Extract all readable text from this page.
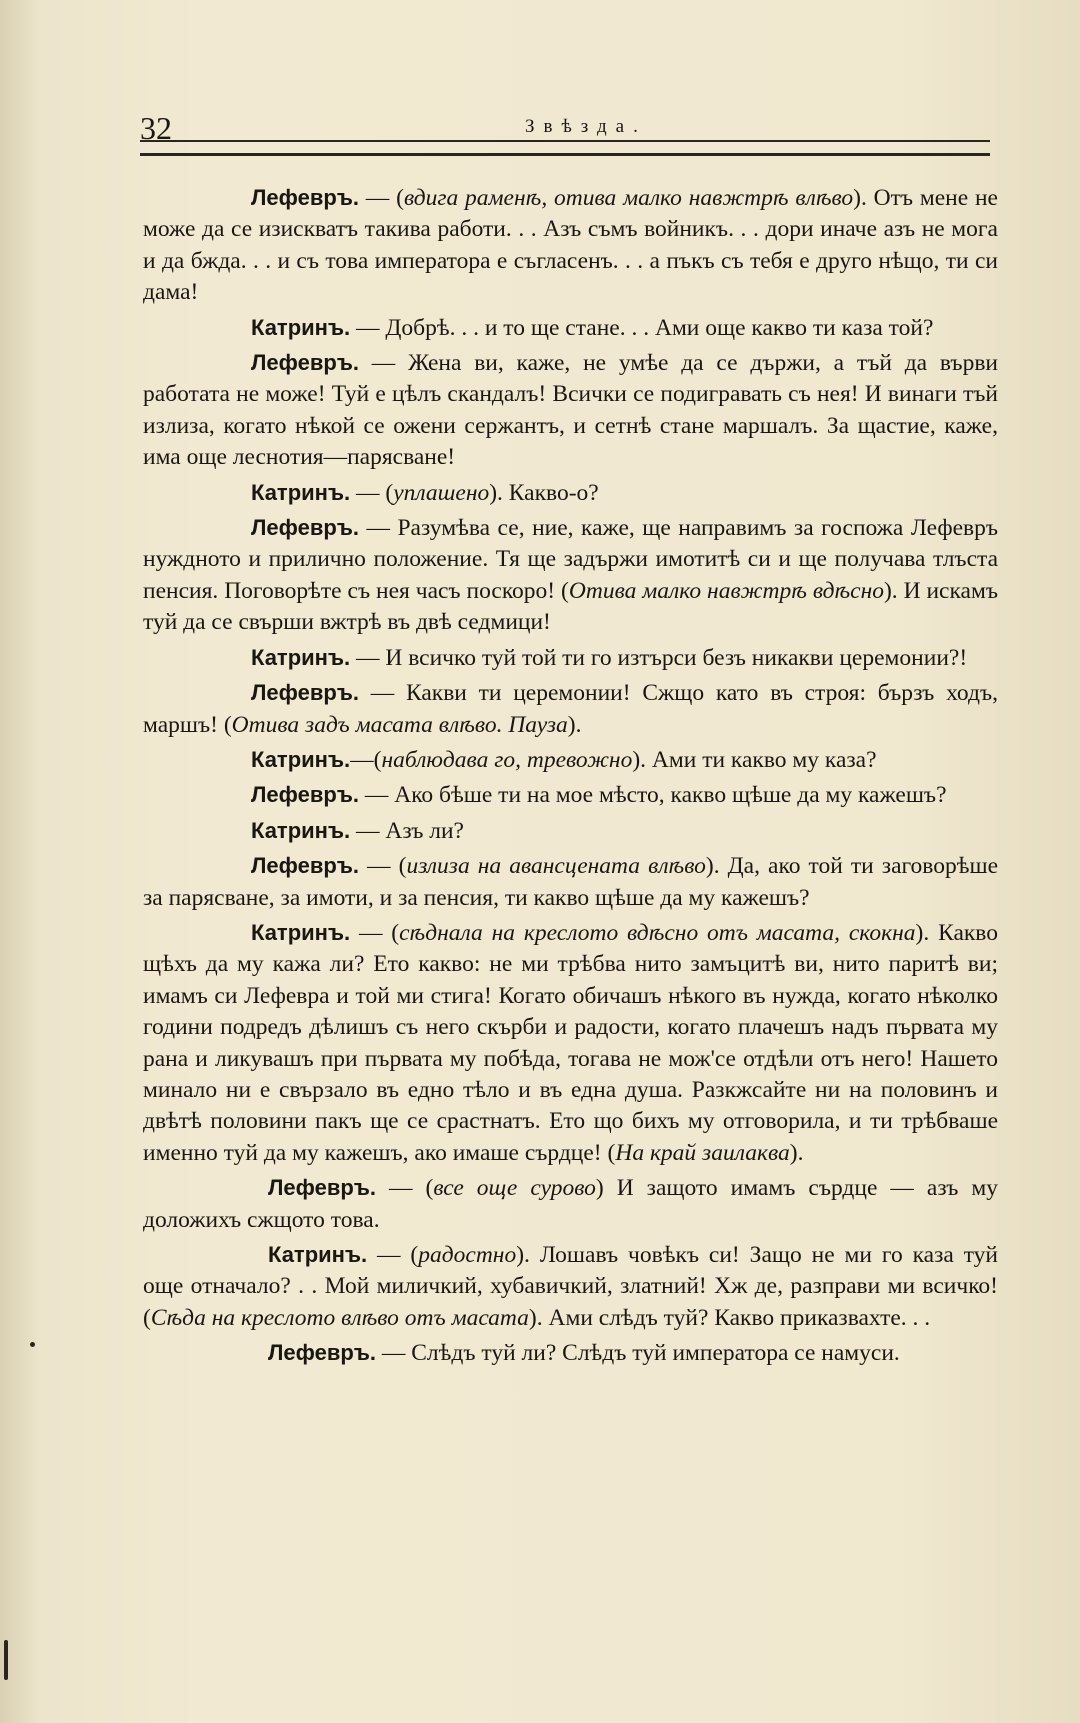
32	Звѣзда.

Лефевръ. — (вдига раменѣ, отива малко навжтрѣ влѣво). Отъ мене не може да се изискватъ такива работи. . . Азъ съмъ войникъ. . . дори иначе азъ не мога и да бжда. . . и съ това императора е съгласенъ. . . а пъкъ съ тебя е друго нѣщо, ти си дама!

Катринъ. — Добрѣ. . . и то ще стане. . . Ами още какво ти каза той?

Лефевръ. — Жена ви, каже, не умѣе да се държи, а тъй да върви работата не може! Туй е цѣлъ скандалъ! Всички се подигравать съ нея! И винаги тъй излиза, когато нѣкой се ожени сержантъ, и сетнѣ стане маршалъ. За щастие, каже, има още леснотия—парясване!

Катринъ. — (уплашено). Какво-о?

Лефевръ. — Разумѣва се, ние, каже, ще направимъ за госпожа Лефевръ нуждното и прилично положение. Тя ще задържи имотитѣ си и ще получава тлъста пенсия. Поговорѣте съ нея часъ поскоро! (Отива малко навжтрѣ вдѣсно). И искамъ туй да се свърши вжтрѣ въ двѣ седмици!

Катринъ. — И всичко туй той ти го изтърси безъ никакви церемонии?!

Лефевръ. — Какви ти церемонии! Сжщо като въ строя: бързъ ходъ, маршъ! (Отива задъ масата влѣво. Пауза).

Катринъ.—(наблюдава го, тревожно). Ами ти какво му каза?

Лефевръ. — Ако бѣше ти на мое мѣсто, какво щѣше да му кажешъ?

Катринъ. — Азъ ли?

Лефевръ. — (излиза на авансцената влѣво). Да, ако той ти заговорѣше за парясване, за имоти, и за пенсия, ти какво щѣше да му кажешъ?

Катринъ. — (сѣднала на креслото вдѣсно отъ масата, скокна). Какво щѣхъ да му кажа ли? Ето какво: не ми трѣбва нито замъцитѣ ви, нито паритѣ ви; имамъ си Лефевра и той ми стига! Когато обичашъ нѣкого въ нужда, когато нѣколко години подредъ дѣлишъ съ него скърби и радости, когато плачешъ надъ първата му рана и ликувашъ при първата му побѣда, тогава не мож'се отдѣли отъ него! Нашето минало ни е свързало въ едно тѣло и въ една душа. Разкжсайте ни на половинъ и двѣтѣ половини пакъ ще се срастнатъ. Ето що бихъ му отговорила, и ти трѣбваше именно туй да му кажешъ, ако имаше сърдце! (На край заилаква).

Лефевръ. — (все още сурово) И защото имамъ сърдце — азъ му доложихъ сжщото това.

Катринъ. — (радостно). Лошавъ човѣкъ си! Защо не ми го каза туй още отначало? . . Мой миличкий, хубавичкий, златний! Хж де, разправи ми всичко! (Сѣда на креслото влѣво отъ масата). Ами слѣдъ туй? Какво приказвахте. . .

Лефевръ. — Слѣдъ туй ли? Слѣдъ туй императора се намуси.
